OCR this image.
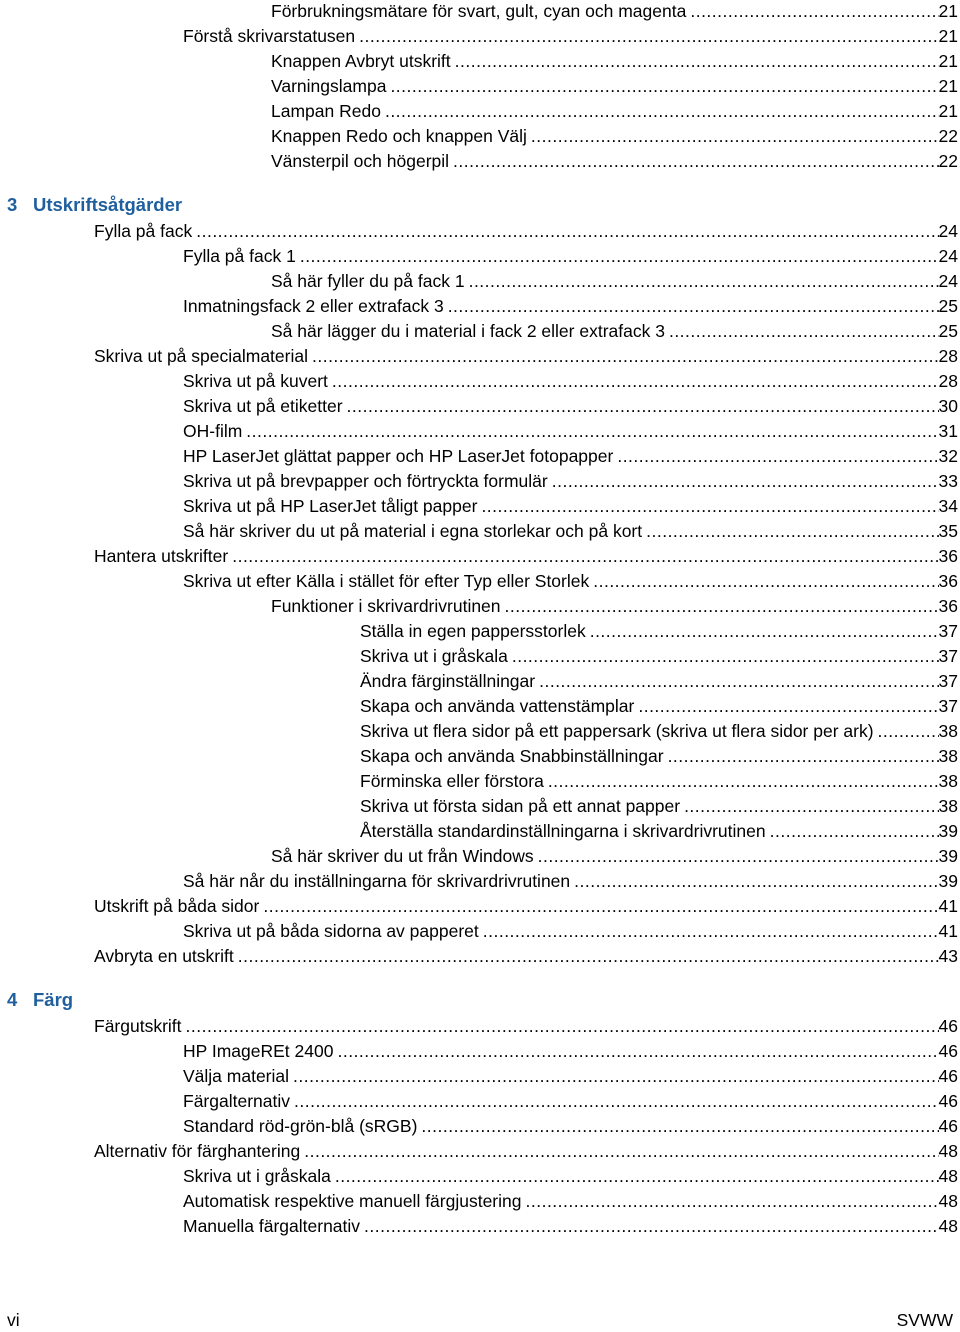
Förbrukningsmätare för svart, gult, cyan och magenta .....	21
Förstå skrivarstatusen .....	21
Knappen Avbryt utskrift .....	21
Varningslampa .....	21
Lampan Redo .....	21
Knappen Redo och knappen Välj .....	22
Vänsterpil och högerpil .....	22
3 Utskriftsåtgärder
Fylla på fack .....	24
Fylla på fack 1 .....	24
Så här fyller du på fack 1 .....	24
Inmatningsfack 2 eller extrafack 3 .....	25
Så här lägger du i material i fack 2 eller extrafack 3 .....	25
Skriva ut på specialmaterial .....	28
Skriva ut på kuvert .....	28
Skriva ut på etiketter .....	30
OH-film .....	31
HP LaserJet glättat papper och HP LaserJet fotopapper .....	32
Skriva ut på brevpapper och förtryckta formulär .....	33
Skriva ut på HP LaserJet tåligt papper .....	34
Så här skriver du ut på material i egna storlekar och på kort .....	35
Hantera utskrifter .....	36
Skriva ut efter Källa i stället för efter Typ eller Storlek .....	36
Funktioner i skrivardrivrutinen .....	36
Ställa in egen pappersstorlek .....	37
Skriva ut i gråskala .....	37
Ändra färginställningar .....	37
Skapa och använda vattenstämplar .....	37
Skriva ut flera sidor på ett pappersark (skriva ut flera sidor per ark) .....	38
Skapa och använda Snabbinställningar .....	38
Förminska eller förstora .....	38
Skriva ut första sidan på ett annat papper .....	38
Återställa standardinställningarna i skrivardrivrutinen .....	39
Så här skriver du ut från Windows .....	39
Så här når du inställningarna för skrivardrivrutinen .....	39
Utskrift på båda sidor .....	41
Skriva ut på båda sidorna av papperet .....	41
Avbryta en utskrift .....	43
4 Färg
Färgutskrift .....	46
HP ImageREt 2400 .....	46
Välja material .....	46
Färgalternativ .....	46
Standard röd-grön-blå (sRGB) .....	46
Alternativ för färghantering .....	48
Skriva ut i gråskala .....	48
Automatisk respektive manuell färgjustering .....	48
Manuella färgalternativ .....	48
vi	SVWW
